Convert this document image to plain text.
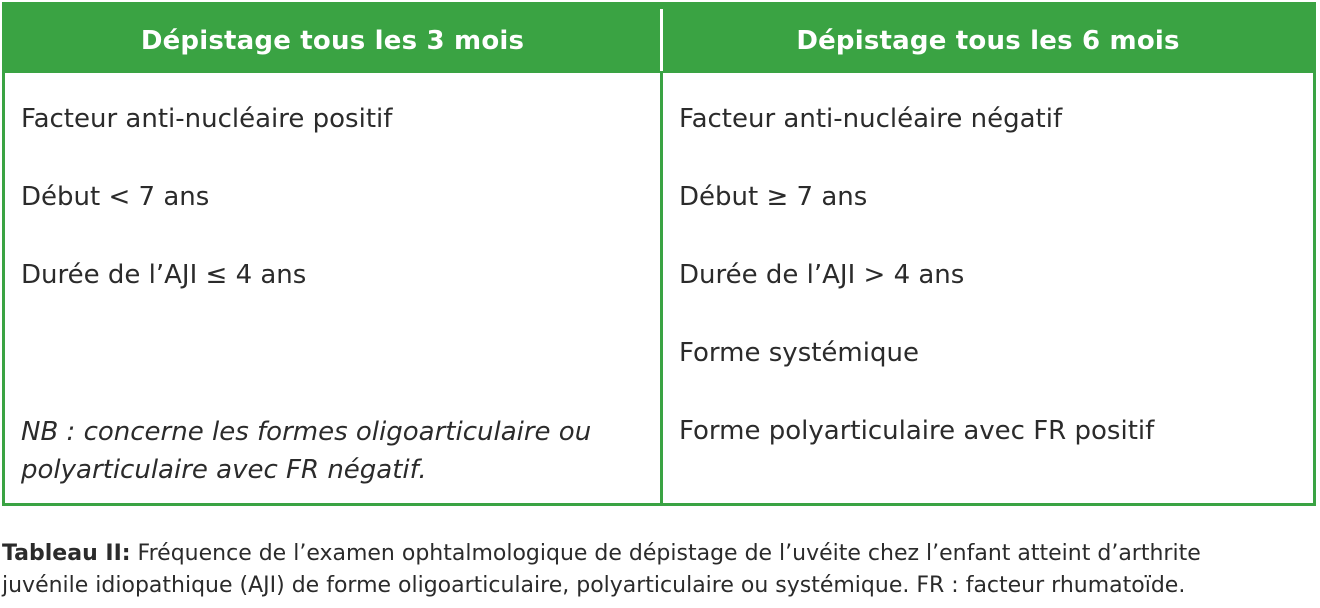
Dépistage tous les 3 mois	Dépistage tous les 6 mois
Facteur anti-nucléaire positif
Début < 7 ans
Durée de l’AJI ≤ 4 ans
NB : concerne les formes oligoarticulaire ou
polyarticulaire avec FR négatif.
Facteur anti-nucléaire négatif
Début ≥ 7 ans
Durée de l’AJI > 4 ans
Forme systémique
Forme polyarticulaire avec FR positif
Tableau II: Fréquence de l’examen ophtalmologique de dépistage de l’uvéite chez l’enfant atteint d’arthrite
juvénile idiopathique (AJI) de forme oligoarticulaire, polyarticulaire ou systémique. FR : facteur rhumatoïde.
